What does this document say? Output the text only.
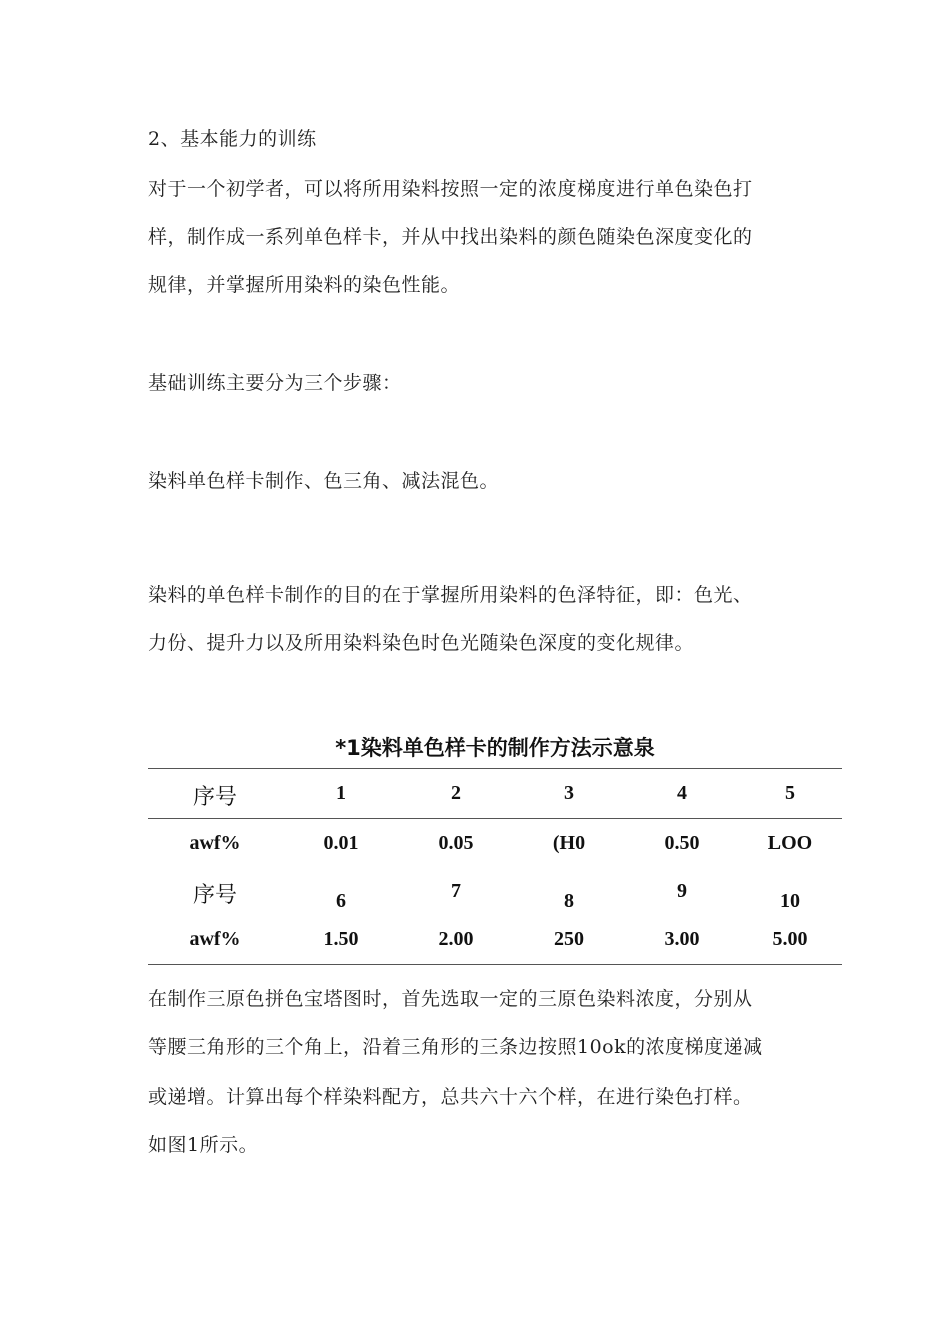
2、基本能力的训练

对于一个初学者，可以将所用染料按照一定的浓度梯度进行单色染色打

样，制作成一系列单色样卡，并从中找出染料的颜色随染色深度变化的

规律，并掌握所用染料的染色性能。

基础训练主要分为三个步骤：

染料单色样卡制作、色三角、减法混色。

染料的单色样卡制作的目的在于掌握所用染料的色泽特征，即：色光、

力份、提升力以及所用染料染色时色光随染色深度的变化规律。

*1染料单色样卡的制作方法示意泉
序号	1	2	3	4	5
awf%	0.01	0.05	(H0	0.50	LOO
序号	6	7	8	9	10
awf%	1.50	2.00	250	3.00	5.00

在制作三原色拼色宝塔图时，首先选取一定的三原色染料浓度，分别从

等腰三角形的三个角上，沿着三角形的三条边按照10ok的浓度梯度递减

或递增。计算出每个样染料配方，总共六十六个样，在进行染色打样。

如图1所示。
